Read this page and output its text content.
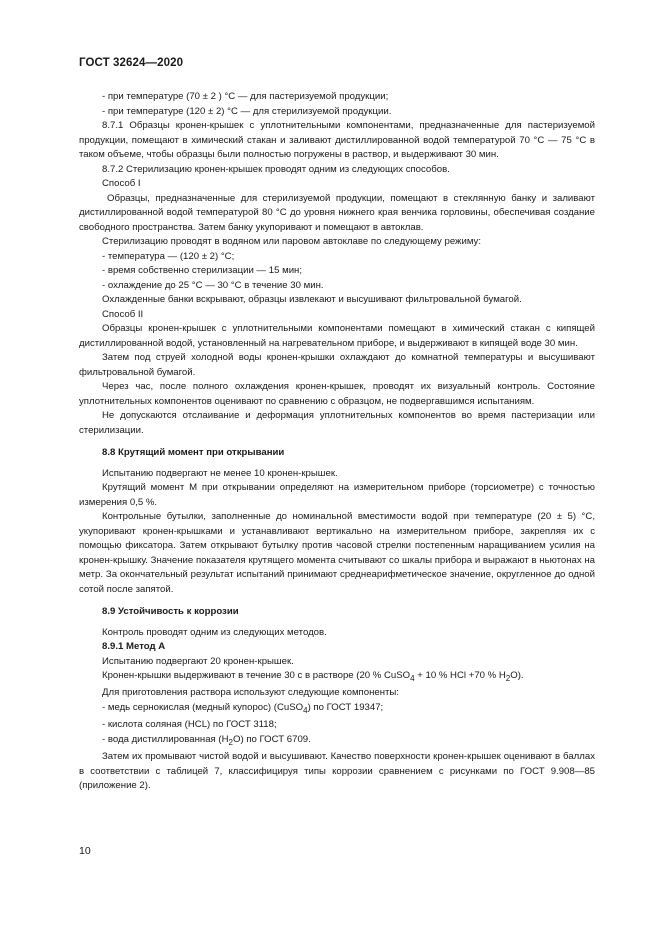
ГОСТ 32624—2020

- при температуре (70 ± 2 ) °C — для пастеризуемой продукции;

- при температуре (120 ± 2) °C — для стерилизуемой продукции.

8.7.1 Образцы кронен-крышек с уплотнительными компонентами, предназначенные для пастеризуемой продукции, помещают в химический стакан и заливают дистиллированной водой температурой 70 °C — 75 °C в таком объеме, чтобы образцы были полностью погружены в раствор, и выдерживают 30 мин.

8.7.2 Стерилизацию кронен-крышек проводят одним из следующих способов.

Способ I

Образцы, предназначенные для стерилизуемой продукции, помещают в стеклянную банку и заливают дистиллированной водой температурой 80 °C до уровня нижнего края венчика горловины, обеспечивая создание свободного пространства. Затем банку укупоривают и помещают в автоклав.

Стерилизацию проводят в водяном или паровом автоклаве по следующему режиму:

- температура — (120 ± 2) °C;

- время собственно стерилизации — 15 мин;

- охлаждение до 25 °C — 30 °C в течение 30 мин.

Охлажденные банки вскрывают, образцы извлекают и высушивают фильтровальной бумагой.

Способ II

Образцы кронен-крышек с уплотнительными компонентами помещают в химический стакан с кипящей дистиллированной водой, установленный на нагревательном приборе, и выдерживают в кипящей воде 30 мин.

Затем под струей холодной воды кронен-крышки охлаждают до комнатной температуры и высушивают фильтровальной бумагой.

Через час, после полного охлаждения кронен-крышек, проводят их визуальный контроль. Состояние уплотнительных компонентов оценивают по сравнению с образцом, не подвергавшимся испытаниям.

Не допускаются отслаивание и деформация уплотнительных компонентов во время пастеризации или стерилизации.

8.8 Крутящий момент при открывании

Испытанию подвергают не менее 10 кронен-крышек.

Крутящий момент М при открывании определяют на измерительном приборе (торсиометре) с точностью измерения 0,5 %.

Контрольные бутылки, заполненные до номинальной вместимости водой при температуре (20 ± 5) °C, укупоривают кронен-крышками и устанавливают вертикально на измерительном приборе, закрепляя их с помощью фиксатора. Затем открывают бутылку против часовой стрелки постепенным наращиванием усилия на кронен-крышку. Значение показателя крутящего момента считывают со шкалы прибора и выражают в ньютонах на метр. За окончательный результат испытаний принимают среднеарифметическое значение, округленное до одной сотой после запятой.

8.9 Устойчивость к коррозии

Контроль проводят одним из следующих методов.

8.9.1 Метод А

Испытанию подвергают 20 кронен-крышек.

Кронен-крышки выдерживают в течение 30 с в растворе (20 % CuSO$_4$ + 10 % HCl +70 % $H_2O$).

Для приготовления раствора используют следующие компоненты:

- медь сернокислая (медный купорос) (CuSO$_4$) по ГОСТ 19347;

- кислота соляная (HCL) по ГОСТ 3118;

- вода дистиллированная $(H_2O)$ по ГОСТ 6709.

Затем их промывают чистой водой и высушивают. Качество поверхности кронен-крышек оценивают в баллах в соответствии с таблицей 7, классифицируя типы коррозии сравнением с рисунками по ГОСТ 9.908—85 (приложение 2).

10
